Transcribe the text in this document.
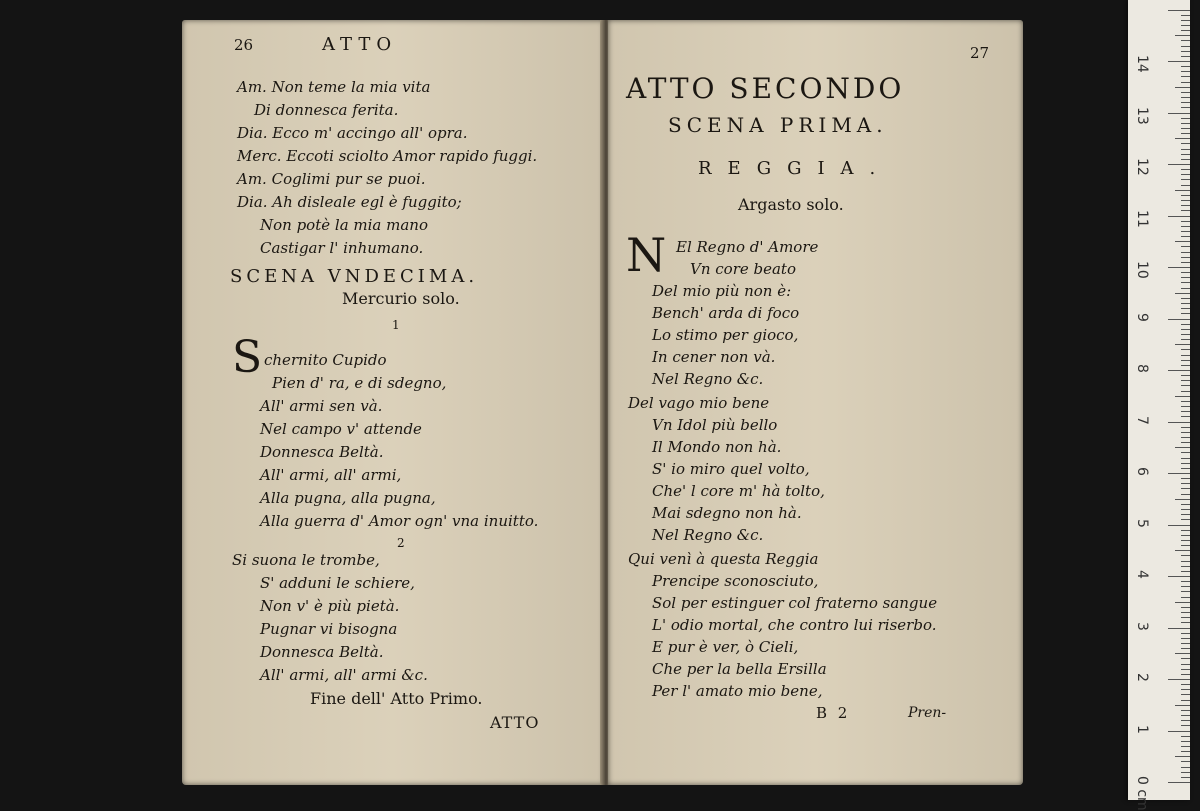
26	ATTO
Am. Non teme la mia vita
Di donnesca ferita.
Dia. Ecco m' accingo all' opra.
Merc. Eccoti sciolto Amor rapido fuggi.
Am. Coglimi pur se puoi.
Dia. Ah disleale egl è fuggito;
Non potè la mia mano
Castigar l' inhumano.
SCENA VNDECIMA.
Mercurio solo.
1
S chernito Cupido
Pien d' ra, e di sdegno,
All' armi sen và.
Nel campo v' attende
Donnesca Beltà.
All' armi, all' armi,
Alla pugna, alla pugna,
Alla guerra d' Amor ogn' vna inuitto.
2
Si suona le trombe,
S' adduni le schiere,
Non v' è più pietà.
Pugnar vi bisogna
Donnesca Beltà.
All' armi, all' armi &c.
Fine dell' Atto Primo.
ATTO
27
ATTO SECONDO
SCENA PRIMA.
REGGIA.
Argasto solo.
N El Regno d' Amore
Vn core beato
Del mio più non è:
Bench' arda di foco
Lo stimo per gioco,
In cener non và.
Nel Regno &c.
Del vago mio bene
Vn Idol più bello
Il Mondo non hà.
S' io miro quel volto,
Che' l core m' hà tolto,
Mai sdegno non hà.
Nel Regno &c.
Qui venì à questa Reggia
Prencipe sconosciuto,
Sol per estinguer col fraterno sangue
L' odio mortal, che contro lui riserbo.
E pur è ver, ò Cieli,
Che per la bella Ersilla
Per l' amato mio bene,
B 2	Pren-
0 cm
1
2
3
4
5
6
7
8
9
10
11
12
13
14
